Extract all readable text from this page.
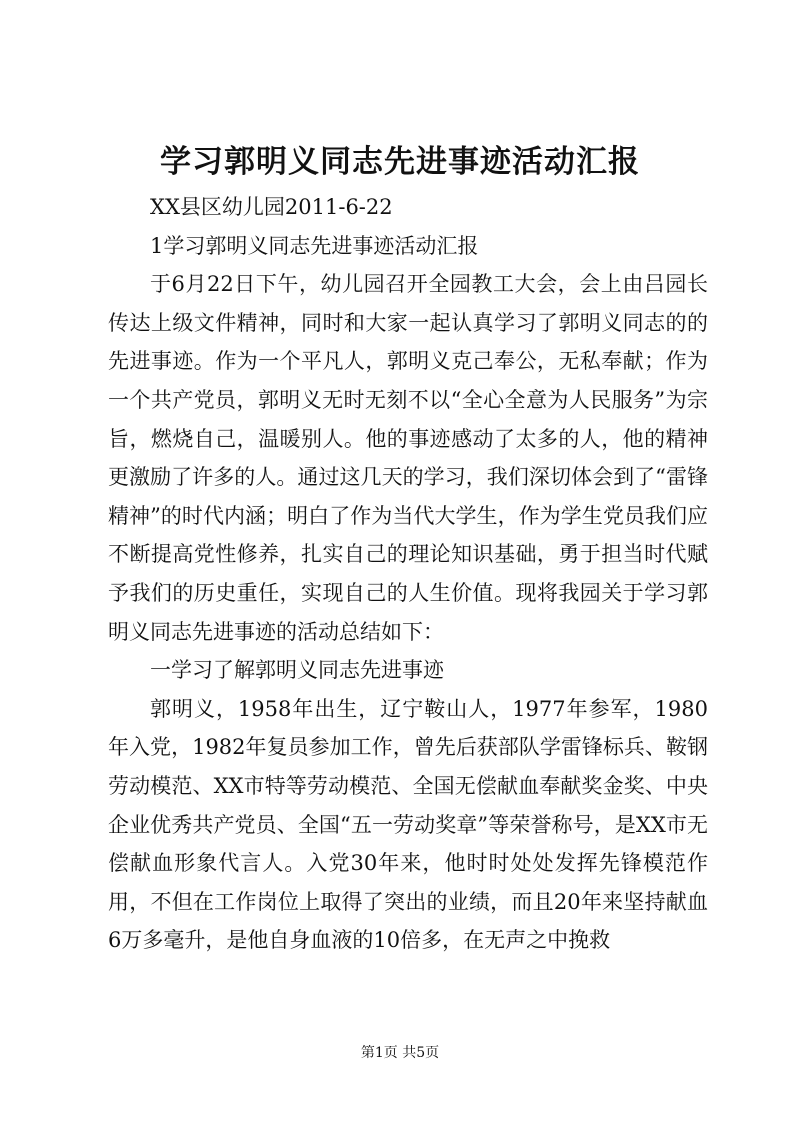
学习郭明义同志先进事迹活动汇报

XX县区幼儿园2011-6-22

1学习郭明义同志先进事迹活动汇报

于6月22日下午，幼儿园召开全园教工大会，会上由吕园长传达上级文件精神，同时和大家一起认真学习了郭明义同志的的先进事迹。作为一个平凡人，郭明义克己奉公，无私奉献；作为一个共产党员，郭明义无时无刻不以“全心全意为人民服务”为宗旨，燃烧自己，温暖别人。他的事迹感动了太多的人，他的精神更激励了许多的人。通过这几天的学习，我们深切体会到了“雷锋精神”的时代内涵；明白了作为当代大学生，作为学生党员我们应不断提高党性修养，扎实自己的理论知识基础，勇于担当时代赋予我们的历史重任，实现自己的人生价值。现将我园关于学习郭明义同志先进事迹的活动总结如下：

一学习了解郭明义同志先进事迹

郭明义，1958年出生，辽宁鞍山人，1977年参军，1980年入党，1982年复员参加工作，曾先后获部队学雷锋标兵、鞍钢劳动模范、XX市特等劳动模范、全国无偿献血奉献奖金奖、中央企业优秀共产党员、全国“五一劳动奖章”等荣誉称号，是XX市无偿献血形象代言人。入党30年来，他时时处处发挥先锋模范作用，不但在工作岗位上取得了突出的业绩，而且20年来坚持献血6万多毫升，是他自身血液的10倍多，在无声之中挽救

第1页 共5页
